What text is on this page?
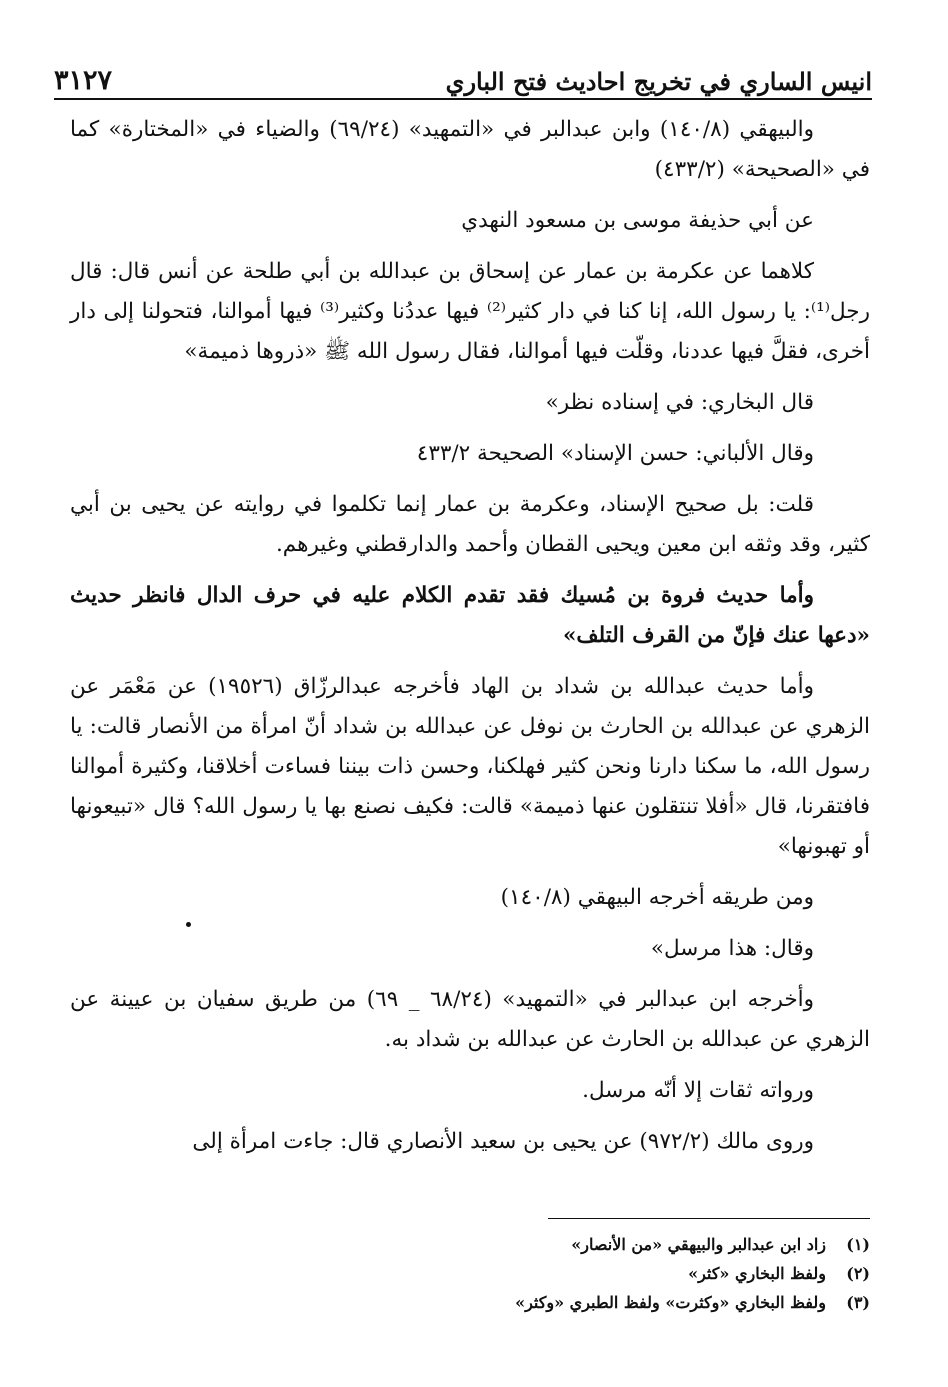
انيس الساري في تخريج احاديث فتح الباري
٣١٢٧

والبيهقي (١٤٠/٨) وابن عبدالبر في «التمهيد» (٦٩/٢٤) والضياء في «المختارة» كما في «الصحيحة» (٤٣٣/٢)

عن أبي حذيفة موسى بن مسعود النهدي

كلاهما عن عكرمة بن عمار عن إسحاق بن عبدالله بن أبي طلحة عن أنس قال: قال رجل⁽¹⁾: يا رسول الله، إنا كنا في دار كثير⁽²⁾ فيها عددُنا وكثير⁽³⁾ فيها أموالنا، فتحولنا إلى دار أخرى، فقلَّ فيها عددنا، وقلّت فيها أموالنا، فقال رسول الله ﷺ «ذروها ذميمة»

قال البخاري: في إسناده نظر»

وقال الألباني: حسن الإسناد» الصحيحة ٤٣٣/٢

قلت: بل صحيح الإسناد، وعكرمة بن عمار إنما تكلموا في روايته عن يحيى بن أبي كثير، وقد وثقه ابن معين ويحيى القطان وأحمد والدارقطني وغيرهم.

وأما حديث فروة بن مُسيك فقد تقدم الكلام عليه في حرف الدال فانظر حديث «دعها عنك فإنّ من القرف التلف»

وأما حديث عبدالله بن شداد بن الهاد فأخرجه عبدالرزّاق (١٩٥٢٦) عن مَعْمَر عن الزهري عن عبدالله بن الحارث بن نوفل عن عبدالله بن شداد أنّ امرأة من الأنصار قالت: يا رسول الله، ما سكنا دارنا ونحن كثير فهلكنا، وحسن ذات بيننا فساءت أخلاقنا، وكثيرة أموالنا فافتقرنا، قال «أفلا تنتقلون عنها ذميمة» قالت: فكيف نصنع بها يا رسول الله؟ قال «تبيعونها أو تهبونها»

ومن طريقه أخرجه البيهقي (١٤٠/٨)

وقال: هذا مرسل»

وأخرجه ابن عبدالبر في «التمهيد» (٦٨/٢٤ _ ٦٩) من طريق سفيان بن عيينة عن الزهري عن عبدالله بن الحارث عن عبدالله بن شداد به.

ورواته ثقات إلا أنّه مرسل.

وروى مالك (٩٧٢/٢) عن يحيى بن سعيد الأنصاري قال: جاءت امرأة إلى

(١)
زاد ابن عبدالبر والبيهقي «من الأنصار»
(٢)
ولفظ البخاري «كثر»
(٣)
ولفظ البخاري «وكثرت» ولفظ الطبري «وكثر»
